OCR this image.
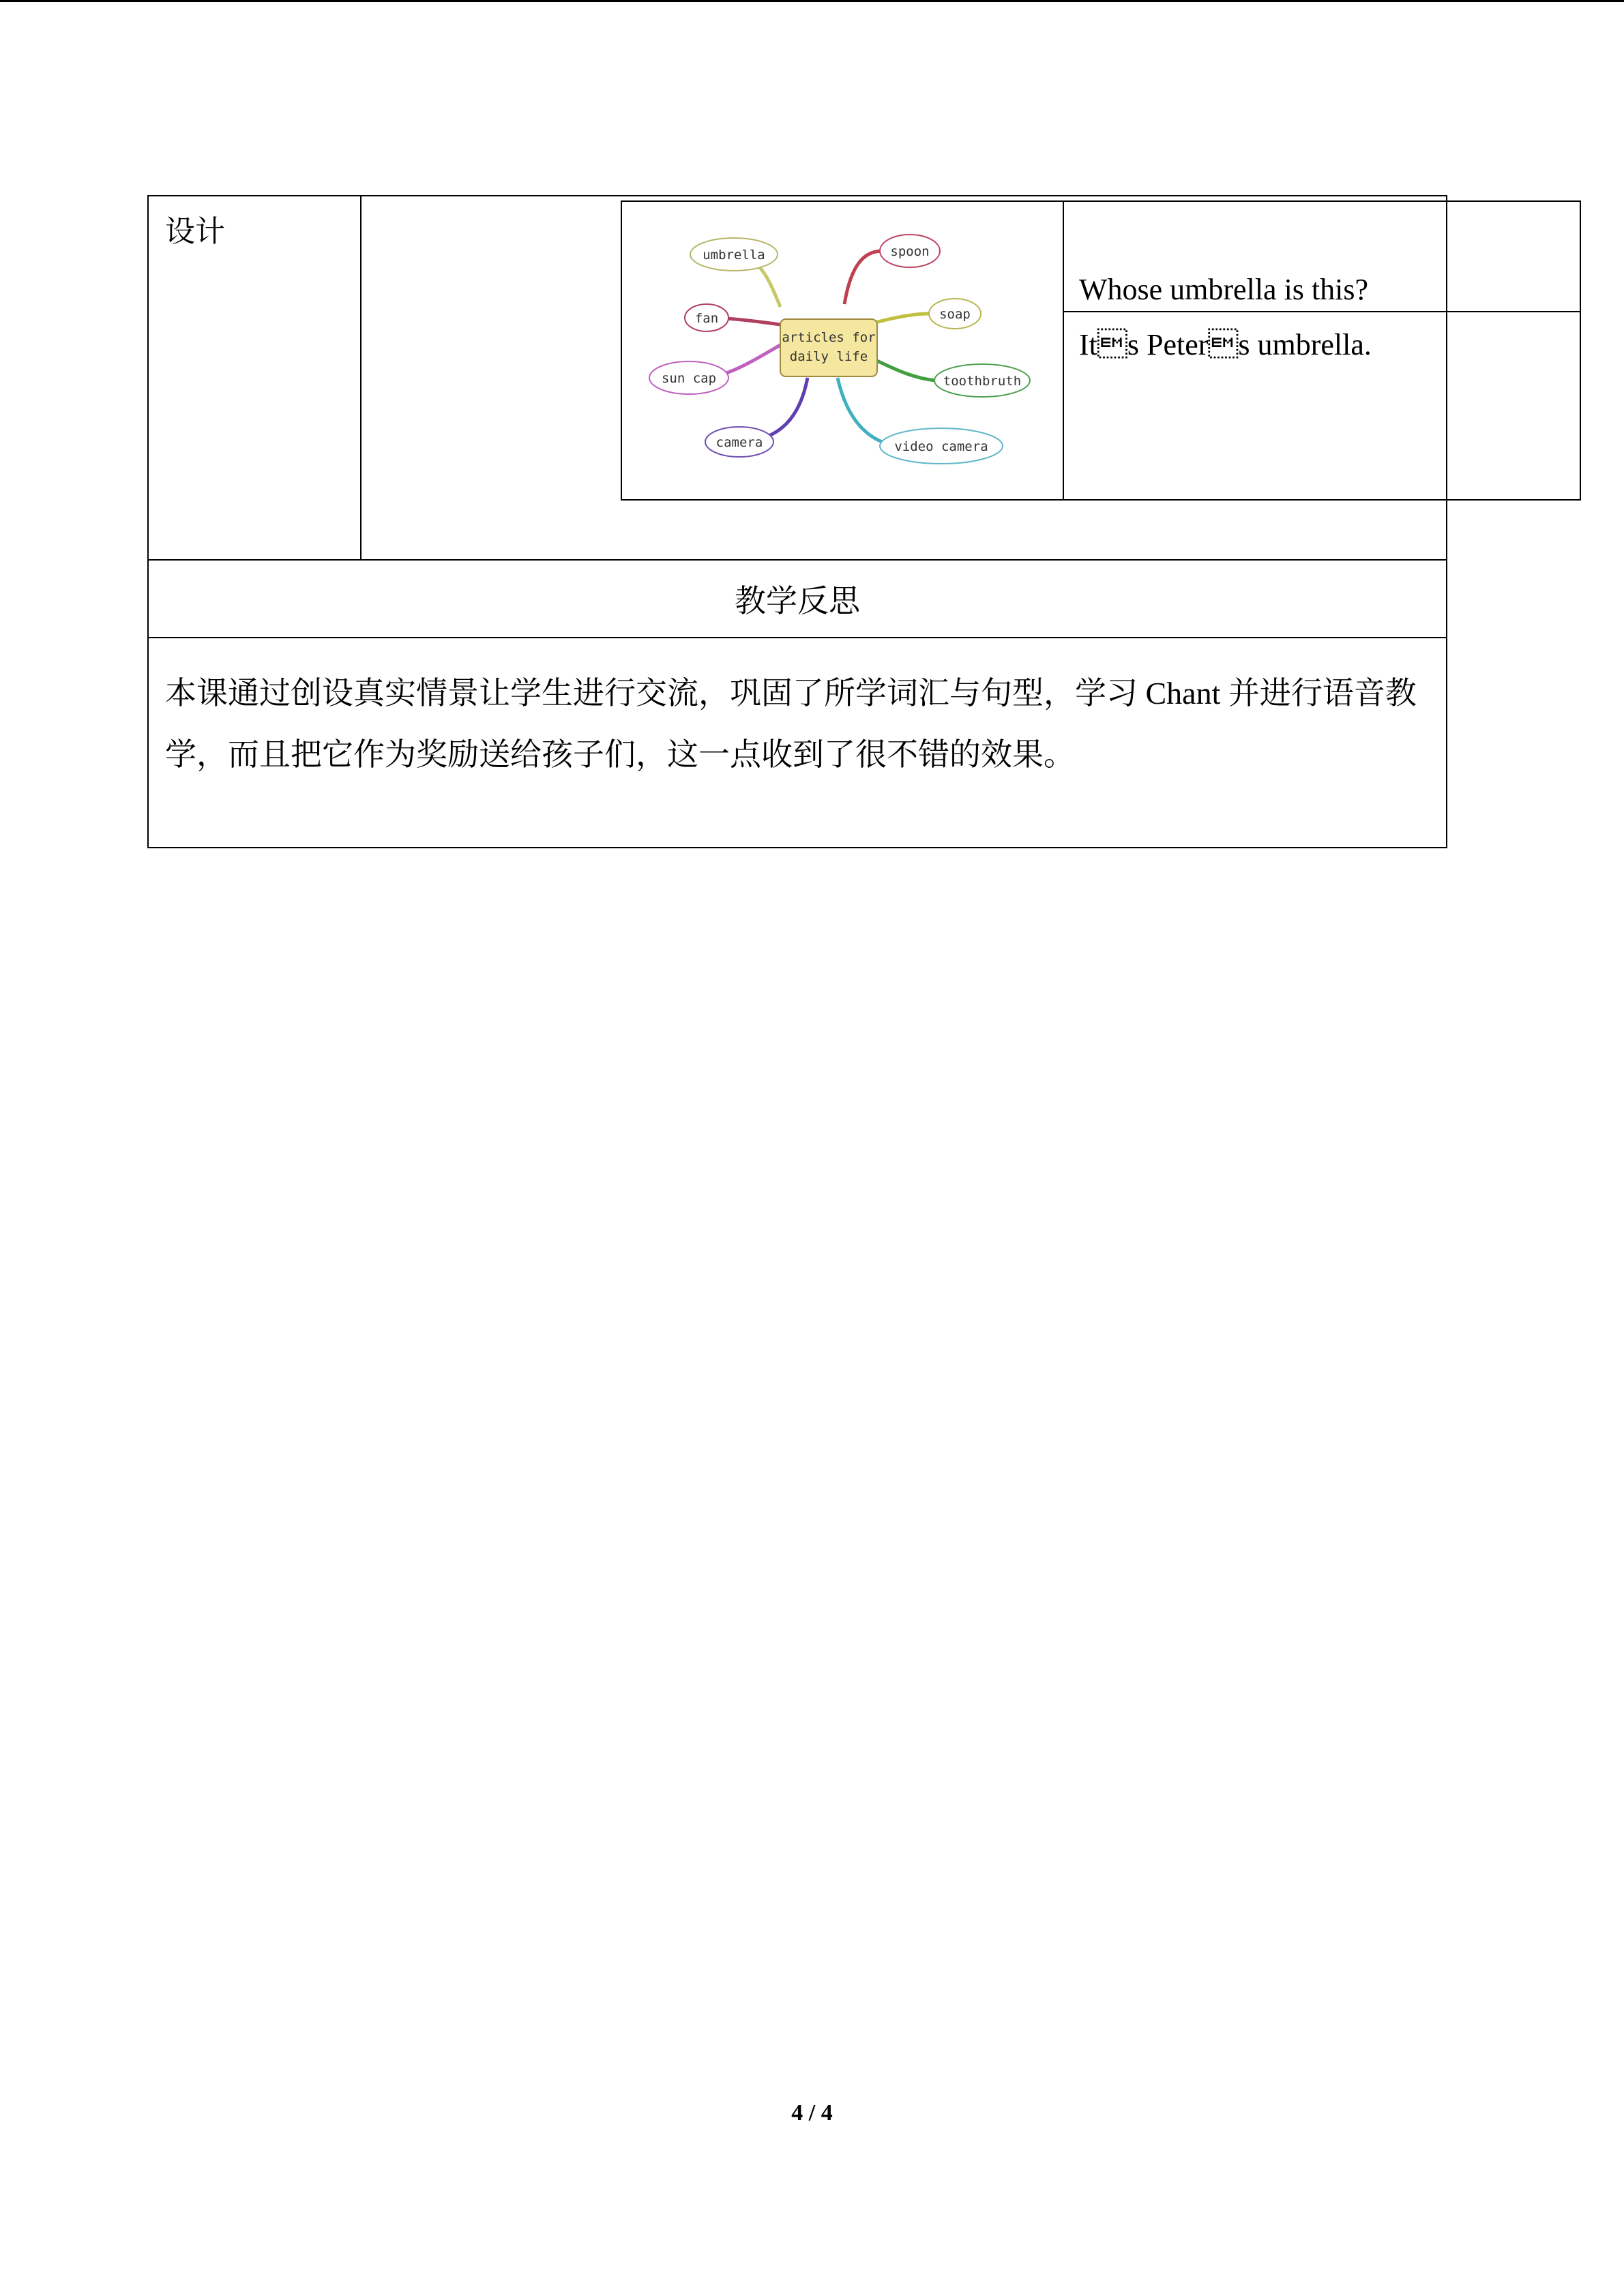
设计
articles for
daily life
umbrella
fan
sun cap
camera
spoon
soap
toothbruth
video camera
Whose umbrella is this?
Its Peters umbrella.
教学反思
本课通过创设真实情景让学生进行交流，巩固了所学词汇与句型，学习 Chant 并进行语音教学，而且把它作为奖励送给孩子们，这一点收到了很不错的效果。
4 / 4
